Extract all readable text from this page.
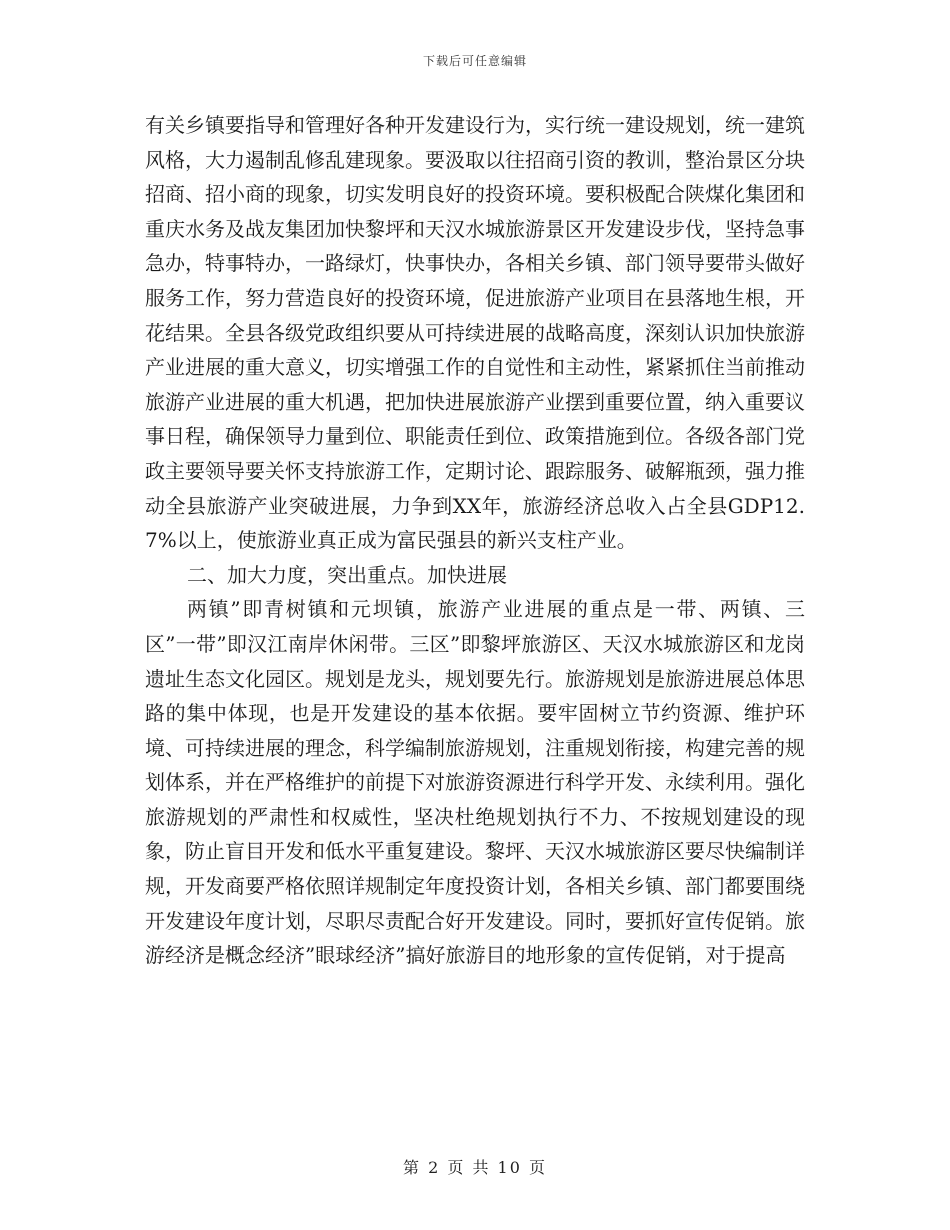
下载后可任意编辑

有关乡镇要指导和管理好各种开发建设行为，实行统一建设规划，统一建筑风格，大力遏制乱修乱建现象。要汲取以往招商引资的教训，整治景区分块招商、招小商的现象，切实发明良好的投资环境。要积极配合陕煤化集团和重庆水务及战友集团加快黎坪和天汉水城旅游景区开发建设步伐，坚持急事急办，特事特办，一路绿灯，快事快办，各相关乡镇、部门领导要带头做好服务工作，努力营造良好的投资环境，促进旅游产业项目在县落地生根，开花结果。全县各级党政组织要从可持续进展的战略高度，深刻认识加快旅游产业进展的重大意义，切实增强工作的自觉性和主动性，紧紧抓住当前推动旅游产业进展的重大机遇，把加快进展旅游产业摆到重要位置，纳入重要议事日程，确保领导力量到位、职能责任到位、政策措施到位。各级各部门党政主要领导要关怀支持旅游工作，定期讨论、跟踪服务、破解瓶颈，强力推动全县旅游产业突破进展，力争到XX年，旅游经济总收入占全县GDP12.7%以上，使旅游业真正成为富民强县的新兴支柱产业。

二、加大力度，突出重点。加快进展

两镇”即青树镇和元坝镇，旅游产业进展的重点是一带、两镇、三区”一带”即汉江南岸休闲带。三区”即黎坪旅游区、天汉水城旅游区和龙岗遗址生态文化园区。规划是龙头，规划要先行。旅游规划是旅游进展总体思路的集中体现，也是开发建设的基本依据。要牢固树立节约资源、维护环境、可持续进展的理念，科学编制旅游规划，注重规划衔接，构建完善的规划体系，并在严格维护的前提下对旅游资源进行科学开发、永续利用。强化旅游规划的严肃性和权威性，坚决杜绝规划执行不力、不按规划建设的现象，防止盲目开发和低水平重复建设。黎坪、天汉水城旅游区要尽快编制详规，开发商要严格依照详规制定年度投资计划，各相关乡镇、部门都要围绕开发建设年度计划，尽职尽责配合好开发建设。同时，要抓好宣传促销。旅游经济是概念经济”眼球经济”搞好旅游目的地形象的宣传促销，对于提高

第 2 页 共 10 页
